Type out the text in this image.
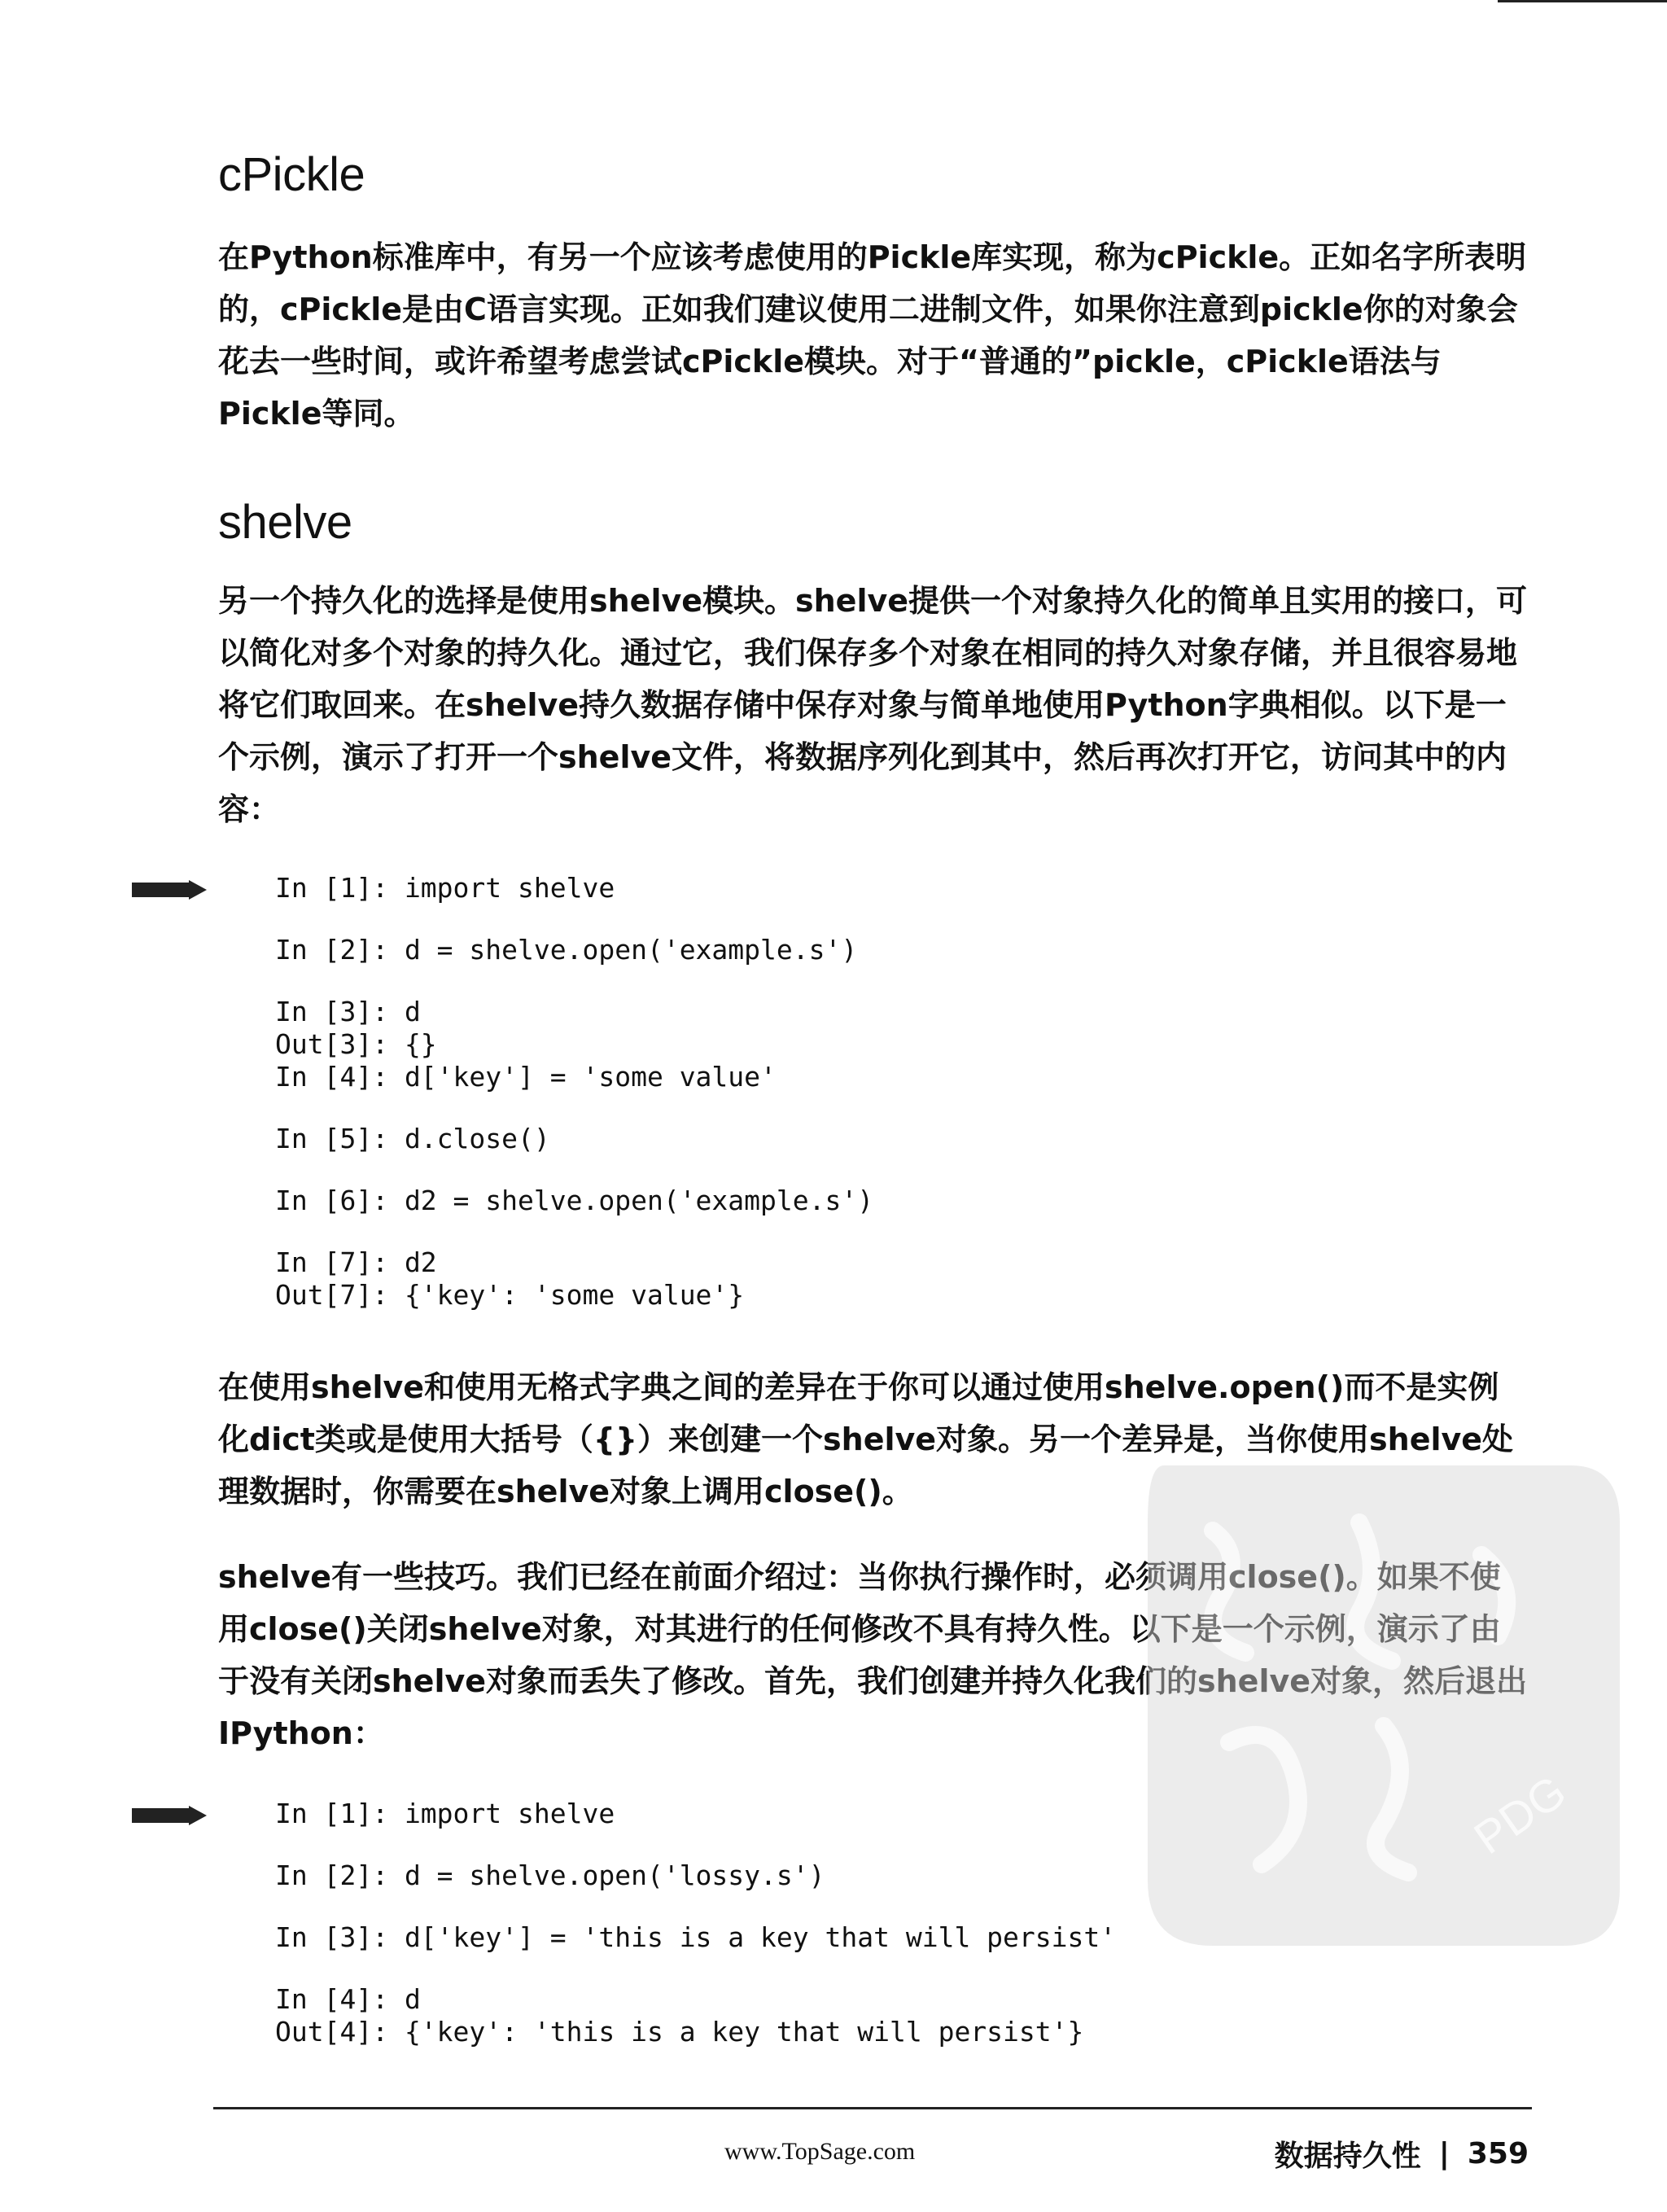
cPickle

在Python标准库中，有另一个应该考虑使用的Pickle库实现，称为cPickle。正如名字所表明的，cPickle是由C语言实现。正如我们建议使用二进制文件，如果你注意到pickle你的对象会花去一些时间，或许希望考虑尝试cPickle模块。对于“普通的”pickle，cPickle语法与Pickle等同。

shelve

另一个持久化的选择是使用shelve模块。shelve提供一个对象持久化的简单且实用的接口，可以简化对多个对象的持久化。通过它，我们保存多个对象在相同的持久对象存储，并且很容易地将它们取回来。在shelve持久数据存储中保存对象与简单地使用Python字典相似。以下是一个示例，演示了打开一个shelve文件，将数据序列化到其中，然后再次打开它，访问其中的内容：

In [1]: import shelve
In [2]: d = shelve.open('example.s')
In [3]: d
Out[3]: {}
In [4]: d['key'] = 'some value'
In [5]: d.close()
In [6]: d2 = shelve.open('example.s')
In [7]: d2
Out[7]: {'key': 'some value'}

在使用shelve和使用无格式字典之间的差异在于你可以通过使用shelve.open()而不是实例化dict类或是使用大括号（{}）来创建一个shelve对象。另一个差异是，当你使用shelve处理数据时，你需要在shelve对象上调用close()。

shelve有一些技巧。我们已经在前面介绍过：当你执行操作时，必须调用close()。如果不使用close()关闭shelve对象，对其进行的任何修改不具有持久性。以下是一个示例，演示了由于没有关闭shelve对象而丢失了修改。首先，我们创建并持久化我们的shelve对象，然后退出IPython：

In [1]: import shelve
In [2]: d = shelve.open('lossy.s')
In [3]: d['key'] = 'this is a key that will persist'
In [4]: d
Out[4]: {'key': 'this is a key that will persist'}
PDG
www.TopSage.com	数据持久性 | 359
